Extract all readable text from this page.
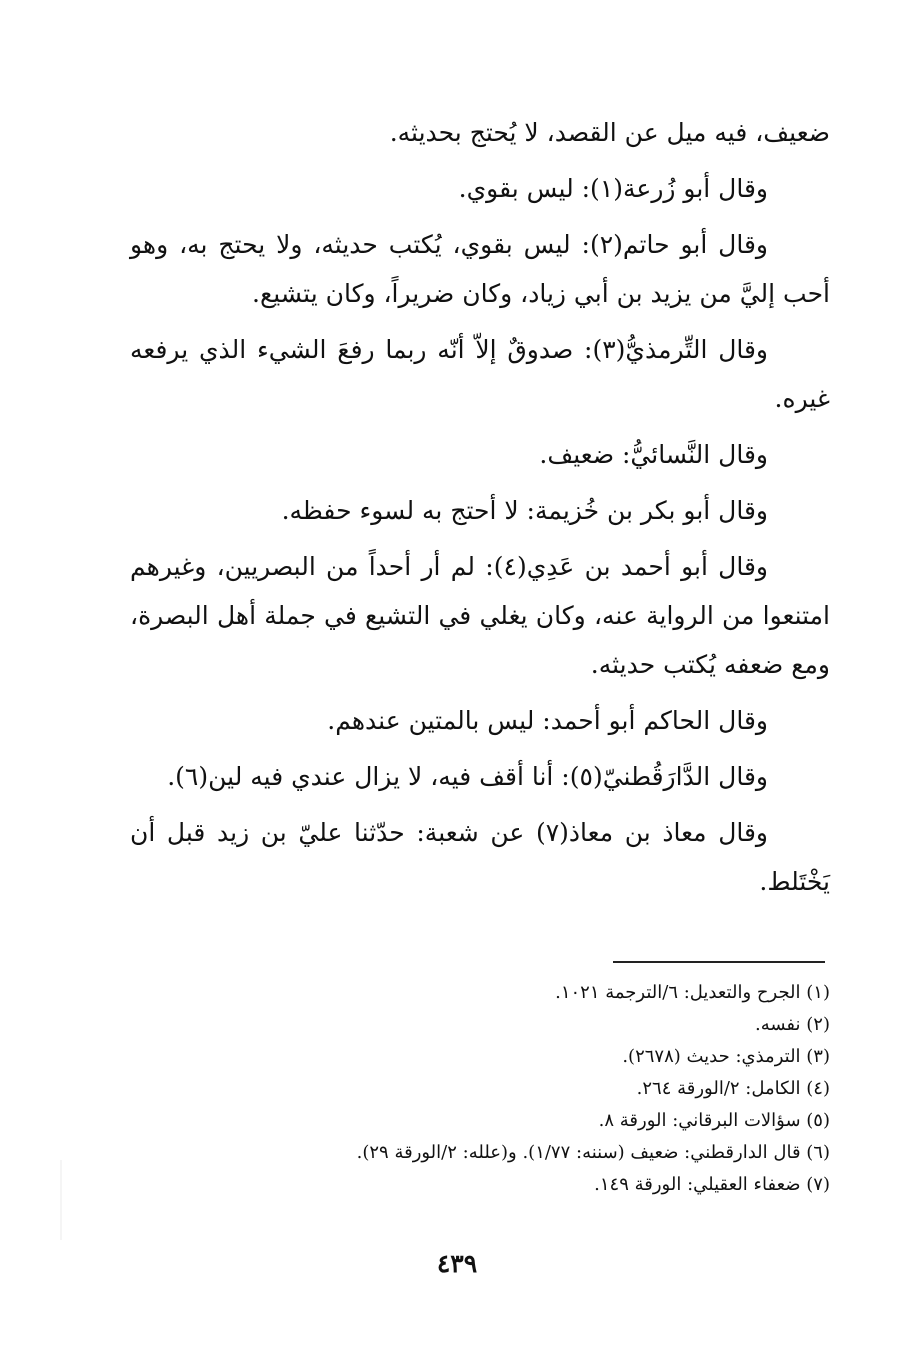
ضعيف، فيه ميل عن القصد، لا يُحتج بحديثه.

وقال أبو زُرعة(١): ليس بقوي.

وقال أبو حاتم(٢): ليس بقوي، يُكتب حديثه، ولا يحتج به، وهو أحب إليَّ من يزيد بن أبي زياد، وكان ضريراً، وكان يتشيع.

وقال التِّرمذيُّ(٣): صدوقٌ إلاّ أنّه ربما رفعَ الشيء الذي يرفعه غيره.

وقال النَّسائيُّ: ضعيف.

وقال أبو بكر بن خُزيمة: لا أحتج به لسوء حفظه.

وقال أبو أحمد بن عَدِي(٤): لم أر أحداً من البصريين، وغيرهم امتنعوا من الرواية عنه، وكان يغلي في التشيع في جملة أهل البصرة، ومع ضعفه يُكتب حديثه.

وقال الحاكم أبو أحمد: ليس بالمتين عندهم.

وقال الدَّارَقُطنيّ(٥): أنا أقف فيه، لا يزال عندي فيه لين(٦).

وقال معاذ بن معاذ(٧) عن شعبة: حدّثنا عليّ بن زيد قبل أن يَخْتَلط.

(١) الجرح والتعديل: ٦/الترجمة ١٠٢١.

(٢) نفسه.

(٣) الترمذي: حديث (٢٦٧٨).

(٤) الكامل: ٢/الورقة ٢٦٤.

(٥) سؤالات البرقاني: الورقة ٨.

(٦) قال الدارقطني: ضعيف (سننه: ١/٧٧). و(علله: ٢/الورقة ٢٩).

(٧) ضعفاء العقيلي: الورقة ١٤٩.

٤٣٩
